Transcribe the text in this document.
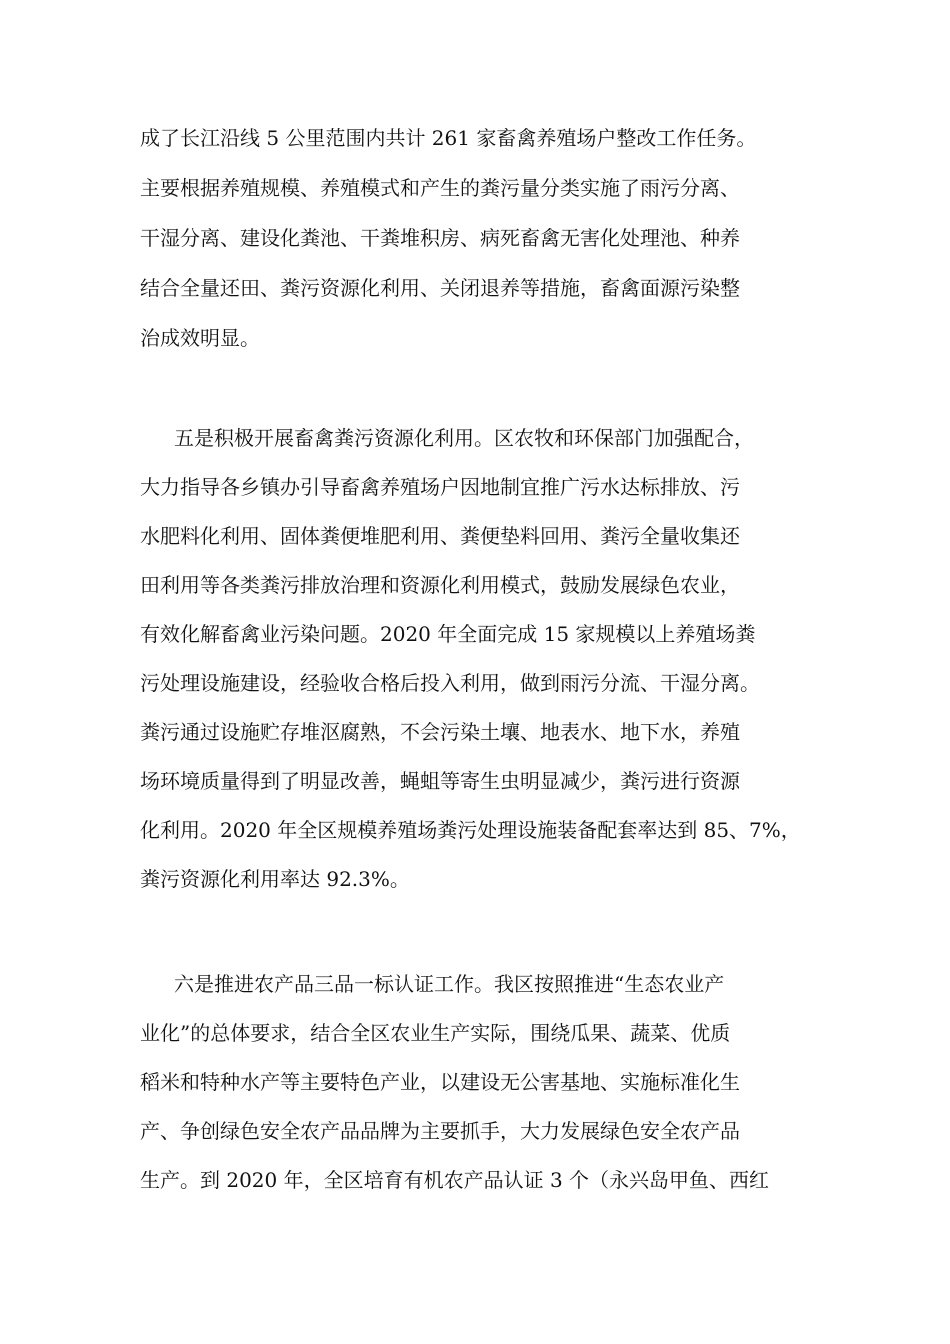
成了长江沿线 5 公里范围内共计 261 家畜禽养殖场户整改工作任务。
主要根据养殖规模、养殖模式和产生的粪污量分类实施了雨污分离、
干湿分离、建设化粪池、干粪堆积房、病死畜禽无害化处理池、种养
结合全量还田、粪污资源化利用、关闭退养等措施，畜禽面源污染整
治成效明显。
五是积极开展畜禽粪污资源化利用。区农牧和环保部门加强配合，
大力指导各乡镇办引导畜禽养殖场户因地制宜推广污水达标排放、污
水肥料化利用、固体粪便堆肥利用、粪便垫料回用、粪污全量收集还
田利用等各类粪污排放治理和资源化利用模式，鼓励发展绿色农业，
有效化解畜禽业污染问题。2020 年全面完成 15 家规模以上养殖场粪
污处理设施建设，经验收合格后投入利用，做到雨污分流、干湿分离。
粪污通过设施贮存堆沤腐熟，不会污染土壤、地表水、地下水，养殖
场环境质量得到了明显改善，蝇蛆等寄生虫明显减少，粪污进行资源
化利用。2020 年全区规模养殖场粪污处理设施装备配套率达到 85、7%，
粪污资源化利用率达 92.3%。
六是推进农产品三品一标认证工作。我区按照推进“生态农业产
业化”的总体要求，结合全区农业生产实际，围绕瓜果、蔬菜、优质
稻米和特种水产等主要特色产业，以建设无公害基地、实施标准化生
产、争创绿色安全农产品品牌为主要抓手，大力发展绿色安全农产品
生产。到 2020 年，全区培育有机农产品认证 3 个（永兴岛甲鱼、西红
